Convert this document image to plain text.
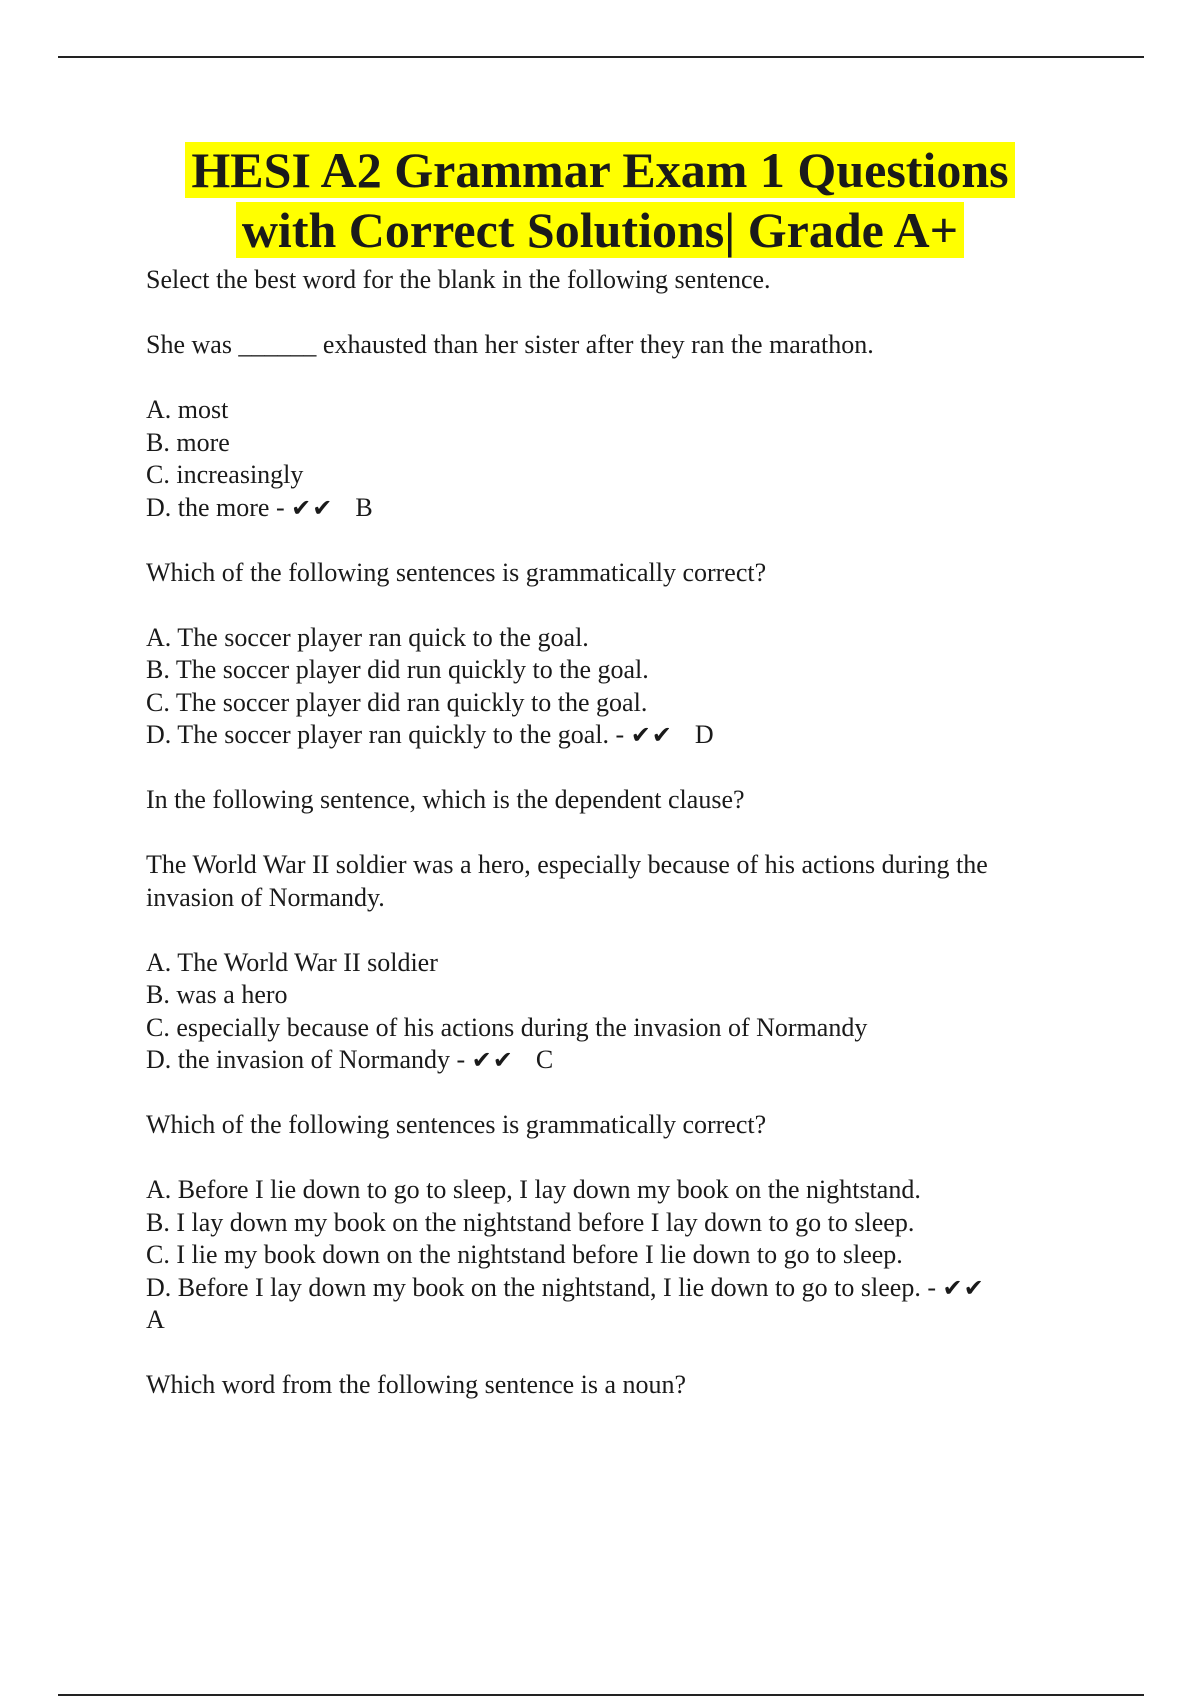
HESI A2 Grammar Exam 1 Questions
with Correct Solutions| Grade A+

Select the best word for the blank in the following sentence.

She was ______ exhausted than her sister after they ran the marathon.

A. most

B. more

C. increasingly

D. the more - ✔✔ B

Which of the following sentences is grammatically correct?

A. The soccer player ran quick to the goal.

B. The soccer player did run quickly to the goal.

C. The soccer player did ran quickly to the goal.

D. The soccer player ran quickly to the goal. - ✔✔ D

In the following sentence, which is the dependent clause?

The World War II soldier was a hero, especially because of his actions during the

invasion of Normandy.

A. The World War II soldier

B. was a hero

C. especially because of his actions during the invasion of Normandy

D. the invasion of Normandy - ✔✔ C

Which of the following sentences is grammatically correct?

A. Before I lie down to go to sleep, I lay down my book on the nightstand.

B. I lay down my book on the nightstand before I lay down to go to sleep.

C. I lie my book down on the nightstand before I lie down to go to sleep.

D. Before I lay down my book on the nightstand, I lie down to go to sleep. - ✔✔

A

Which word from the following sentence is a noun?
